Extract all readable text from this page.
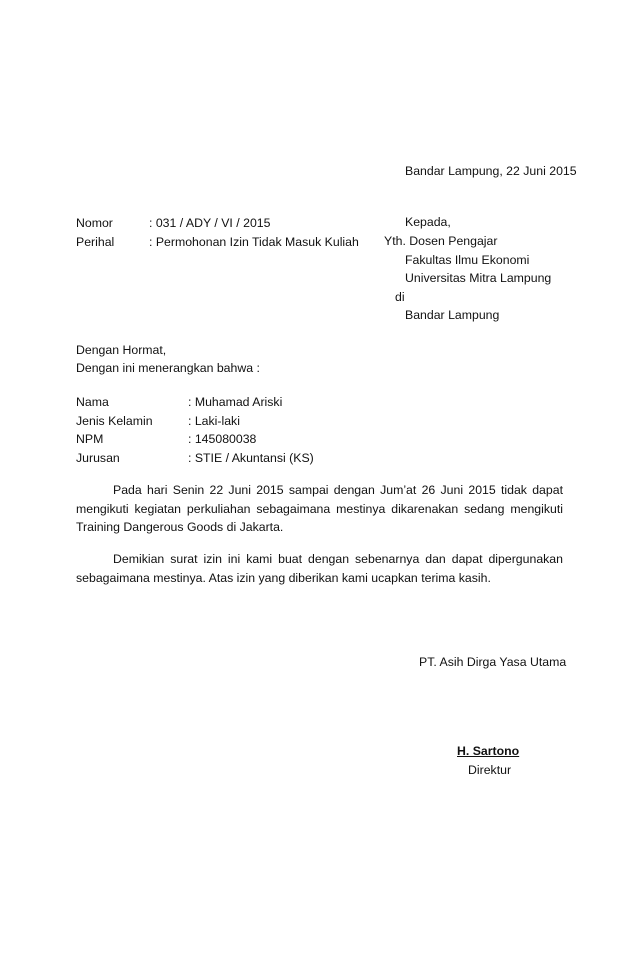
Bandar Lampung, 22 Juni 2015
Nomor	: 031 / ADY / VI / 2015
Perihal	: Permohonan Izin Tidak Masuk Kuliah
Kepada,
Yth. Dosen Pengajar
Fakultas Ilmu Ekonomi
Universitas Mitra Lampung
di
Bandar Lampung
Dengan Hormat,
Dengan ini menerangkan bahwa :
Nama	: Muhamad Ariski
Jenis Kelamin	: Laki-laki
NPM	: 145080038
Jurusan	: STIE / Akuntansi (KS)

Pada hari Senin 22 Juni 2015 sampai dengan Jum’at 26 Juni 2015 tidak dapat mengikuti kegiatan perkuliahan sebagaimana mestinya dikarenakan sedang mengikuti Training Dangerous Goods di Jakarta.

Demikian surat izin ini kami buat dengan sebenarnya dan dapat dipergunakan sebagaimana mestinya. Atas izin yang diberikan kami ucapkan terima kasih.

PT. Asih Dirga Yasa Utama
H. Sartono
Direktur
